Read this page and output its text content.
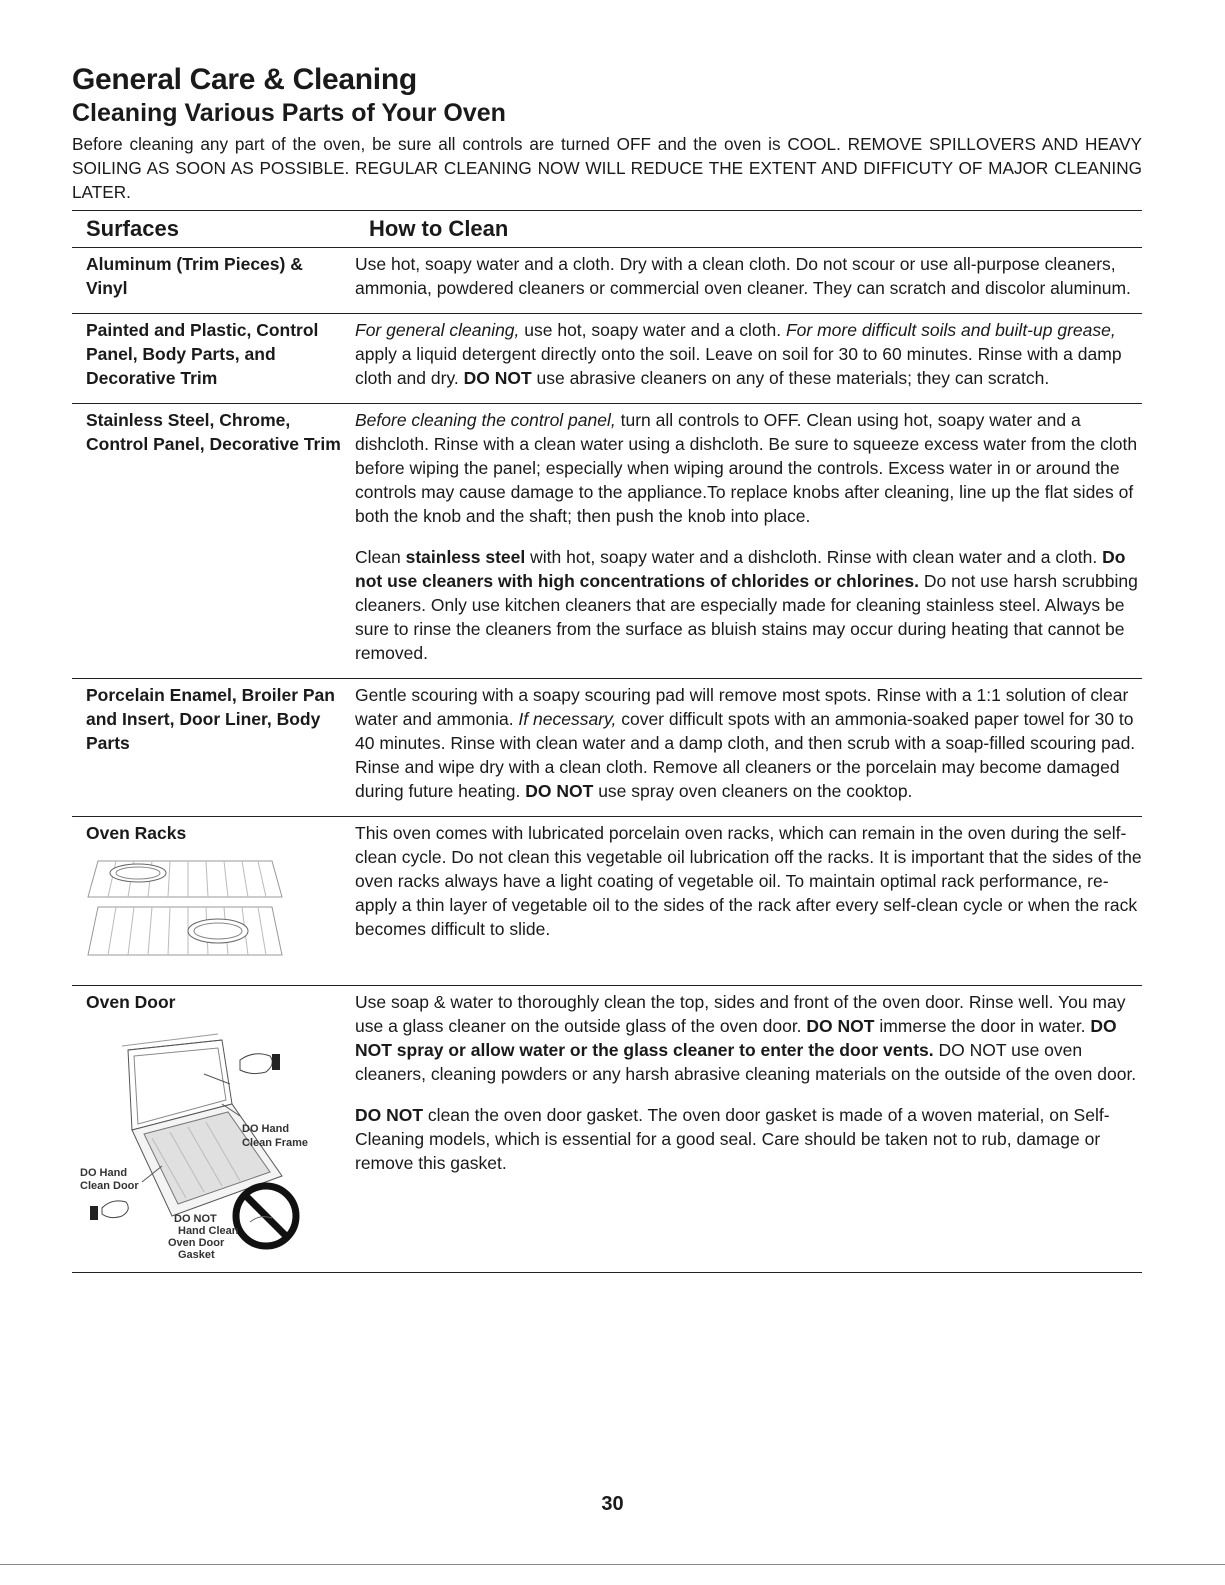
General Care & Cleaning
Cleaning Various Parts of Your Oven

Before cleaning any part of the oven, be sure all controls are turned OFF and the oven is COOL. REMOVE SPILLOVERS AND HEAVY SOILING AS SOON AS POSSIBLE. REGULAR CLEANING NOW WILL REDUCE THE EXTENT AND DIFFICUTY OF MAJOR CLEANING LATER.

Surfaces	How to Clean
Aluminum (Trim Pieces) & Vinyl

Use hot, soapy water and a cloth. Dry with a clean cloth. Do not scour or use all-purpose cleaners, ammonia, powdered cleaners or commercial oven cleaner. They can scratch and discolor aluminum.

Painted and Plastic, Control Panel, Body Parts, and Decorative Trim

For general cleaning, use hot, soapy water and a cloth. For more difficult soils and built-up grease, apply a liquid detergent directly onto the soil. Leave on soil for 30 to 60 minutes. Rinse with a damp cloth and dry. DO NOT use abrasive cleaners on any of these materials; they can scratch.

Stainless Steel, Chrome, Control Panel, Decorative Trim

Before cleaning the control panel, turn all controls to OFF. Clean using hot, soapy water and a dishcloth. Rinse with a clean water using a dishcloth. Be sure to squeeze excess water from the cloth before wiping the panel; especially when wiping around the controls. Excess water in or around the controls may cause damage to the appliance.To replace knobs after cleaning, line up the flat sides of both the knob and the shaft; then push the knob into place.

Clean stainless steel with hot, soapy water and a dishcloth. Rinse with clean water and a cloth. Do not use cleaners with high concentrations of chlorides or chlorines. Do not use harsh scrubbing cleaners. Only use kitchen cleaners that are especially made for cleaning stainless steel. Always be sure to rinse the cleaners from the surface as bluish stains may occur during heating that cannot be removed.

Porcelain Enamel, Broiler Pan and Insert, Door Liner, Body Parts

Gentle scouring with a soapy scouring pad will remove most spots. Rinse with a 1:1 solution of clear water and ammonia. If necessary, cover difficult spots with an ammonia-soaked paper towel for 30 to 40 minutes. Rinse with clean water and a damp cloth, and then scrub with a soap-filled scouring pad. Rinse and wipe dry with a clean cloth. Remove all cleaners or the porcelain may become damaged during future heating. DO NOT use spray oven cleaners on the cooktop.

Oven Racks	This oven comes with lubricated porcelain oven racks, which can remain in the oven during the self-clean cycle. Do not clean this vegetable oil lubrication off the racks. It is important that the sides of the oven racks always have a light coating of vegetable oil. To maintain optimal rack performance, re-apply a thin layer of vegetable oil to the sides of the rack after every self-clean cycle or when the rack becomes difficult to slide.

Oven Door
DO Hand
Clean Frame
DO Hand
Clean Door
DO NOT
Hand Clean
Oven Door
Gasket

Use soap & water to thoroughly clean the top, sides and front of the oven door. Rinse well. You may use a glass cleaner on the outside glass of the oven door. DO NOT immerse the door in water. DO NOT spray or allow water or the glass cleaner to enter the door vents. DO NOT use oven cleaners, cleaning powders or any harsh abrasive cleaning materials on the outside of the oven door.

DO NOT clean the oven door gasket. The oven door gasket is made of a woven material, on Self-Cleaning models, which is essential for a good seal. Care should be taken not to rub, damage or remove this gasket.

30
